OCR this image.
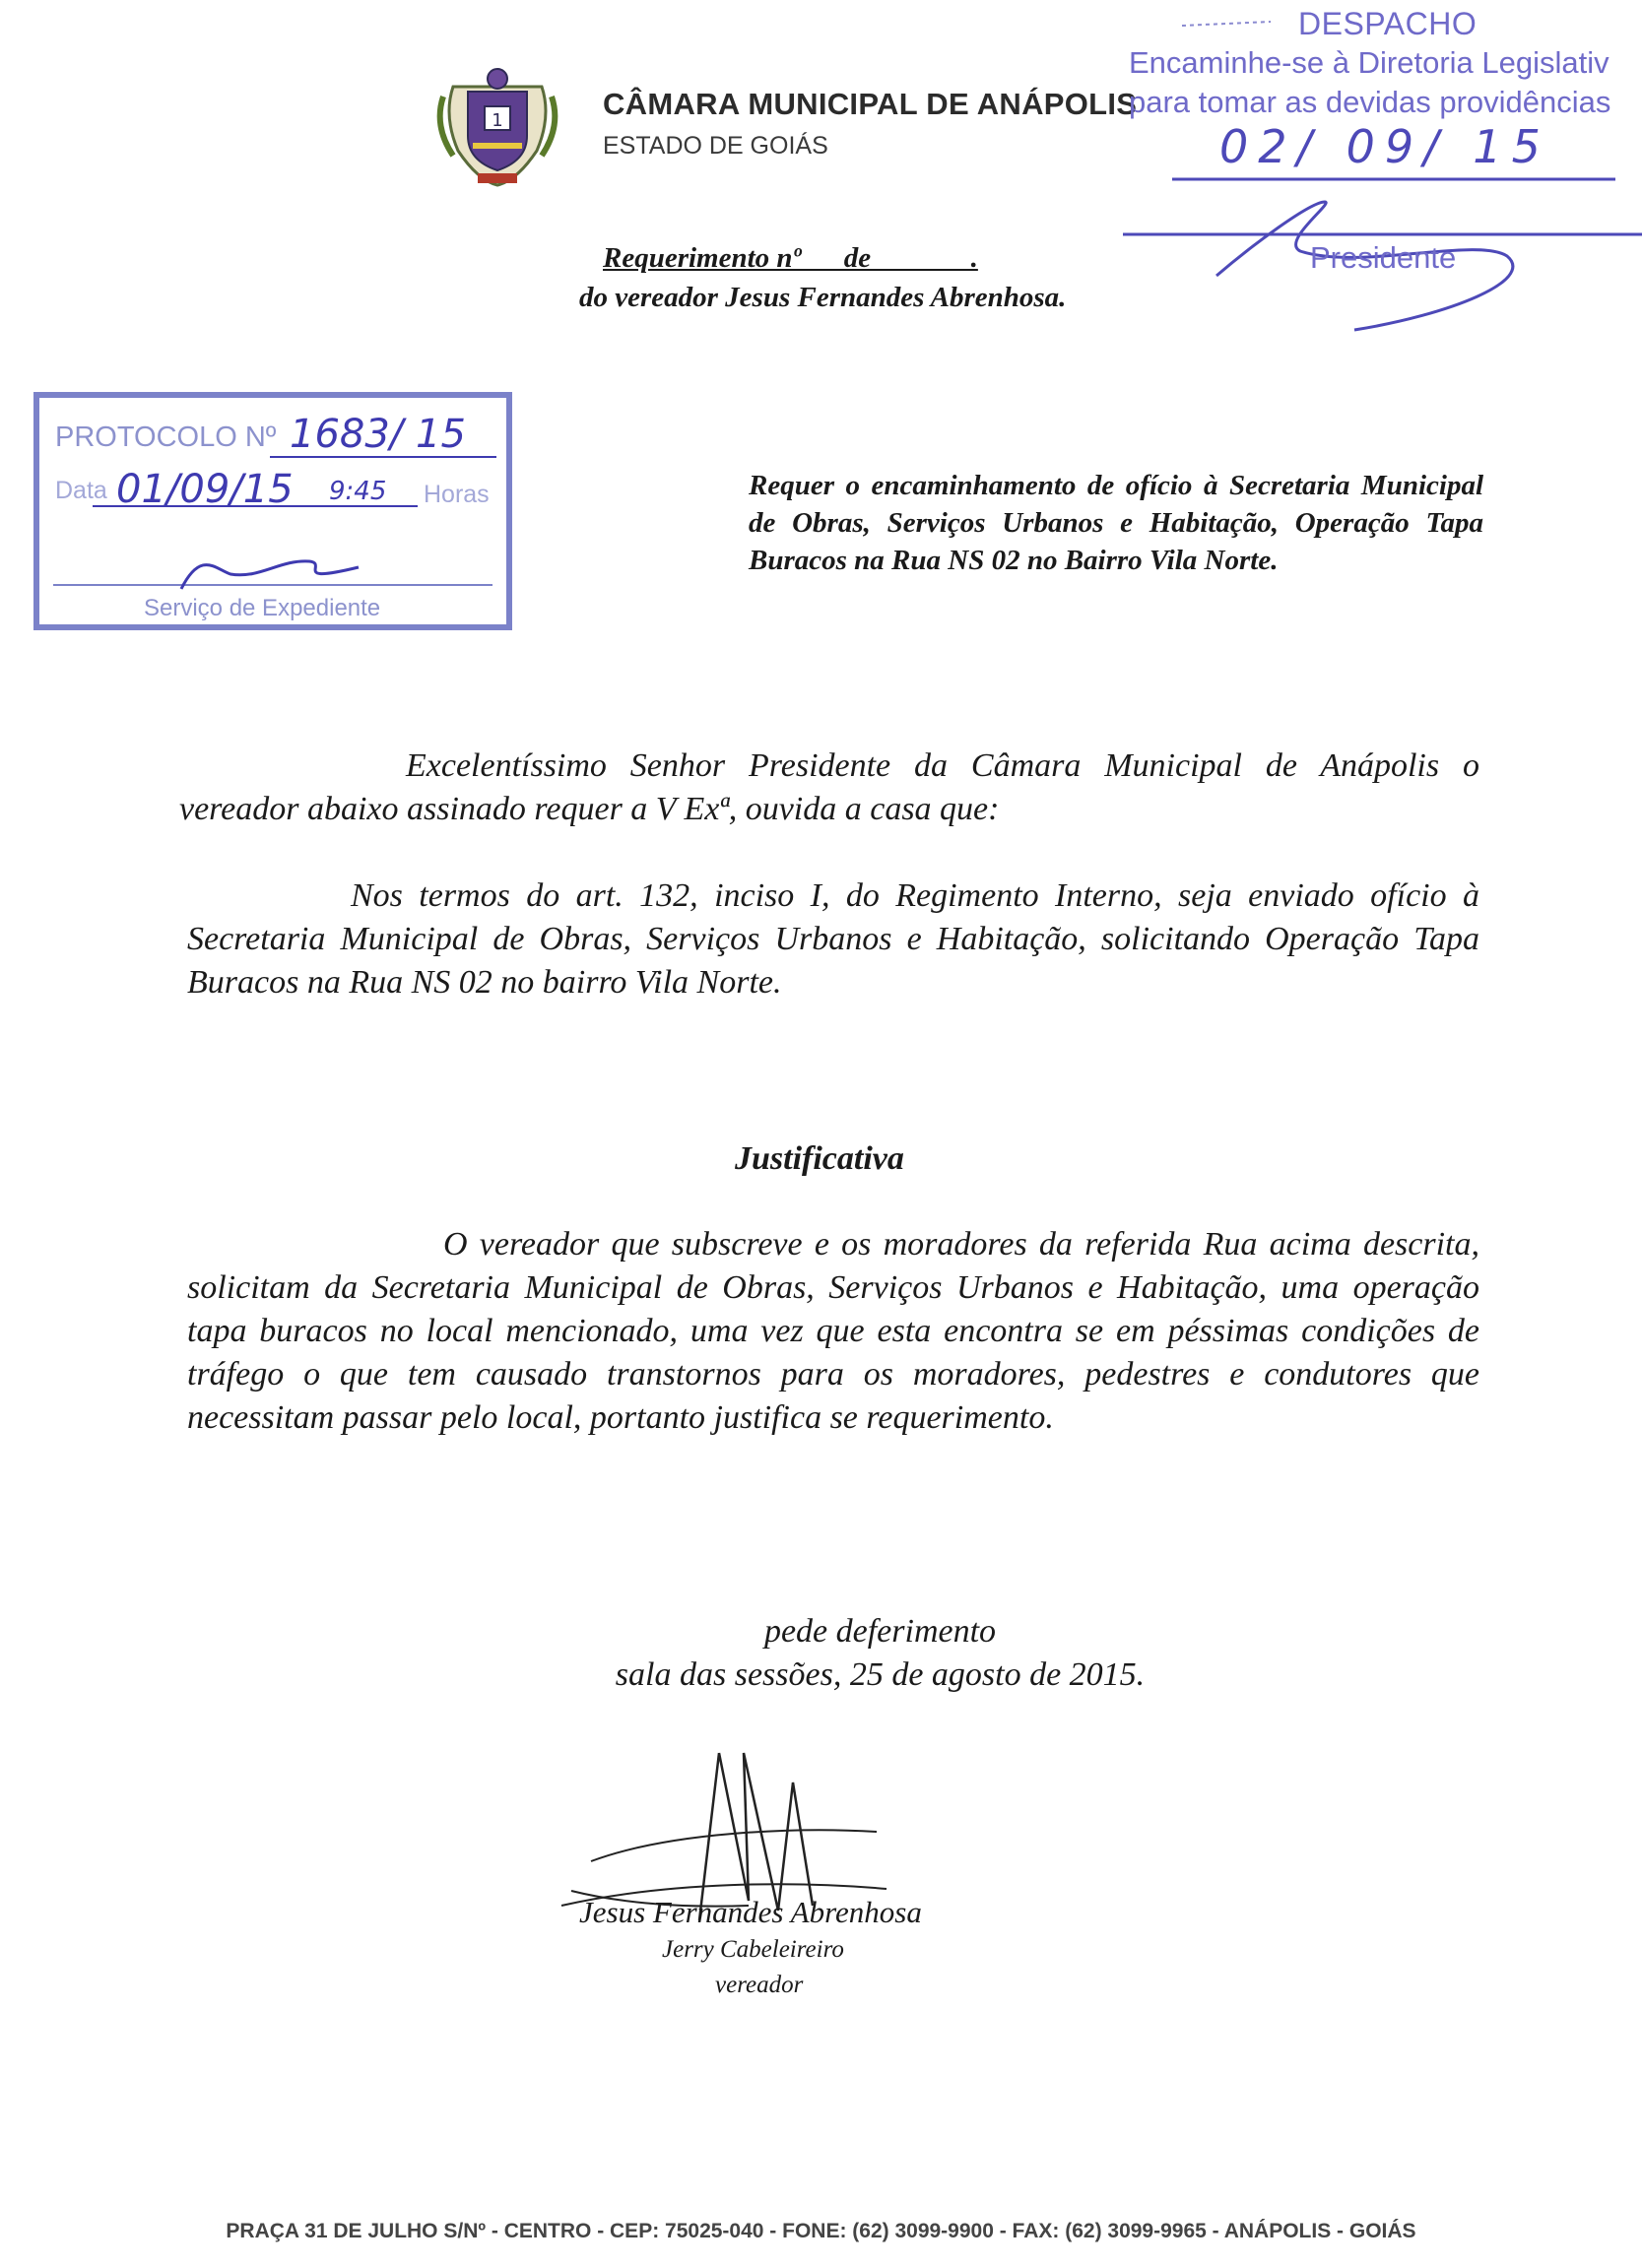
1	CÂMARA MUNICIPAL DE ANÁPOLIS
ESTADO DE GOIÁS
DESPACHO
Encaminhe-se à Diretoria Legislativ
para tomar as devidas providências
02/ 09/ 15
Presidente
Requerimento nº      de              .
do vereador Jesus Fernandes Abrenhosa.
PROTOCOLO Nº 1683/ 15
Data 01/09/15 9:45 Horas
Serviço de Expediente
Requer o encaminhamento de ofício à Secretaria Municipal de Obras, Serviços Urbanos e Habitação, Operação Tapa Buracos na Rua NS 02 no Bairro Vila Norte.
Excelentíssimo Senhor Presidente da Câmara Municipal de Anápolis o vereador abaixo assinado requer a V Exª, ouvida a casa que:
Nos termos do art. 132, inciso I, do Regimento Interno, seja enviado ofício à Secretaria Municipal de Obras, Serviços Urbanos e Habitação, solicitando Operação Tapa Buracos na Rua NS 02 no bairro Vila Norte.
Justificativa
O vereador que subscreve e os moradores da referida Rua acima descrita, solicitam da Secretaria Municipal de Obras, Serviços Urbanos e Habitação, uma operação tapa buracos no local mencionado, uma vez que esta encontra se em péssimas condições de tráfego o que tem causado transtornos para os moradores, pedestres e condutores que necessitam passar pelo local, portanto justifica se requerimento.
pede deferimento
sala das sessões, 25 de agosto de 2015.
Jesus Fernandes Abrenhosa
Jerry Cabeleireiro
vereador
PRAÇA 31 DE JULHO S/Nº - CENTRO - CEP: 75025-040 - FONE: (62) 3099-9900 - FAX: (62) 3099-9965 - ANÁPOLIS - GOIÁS
